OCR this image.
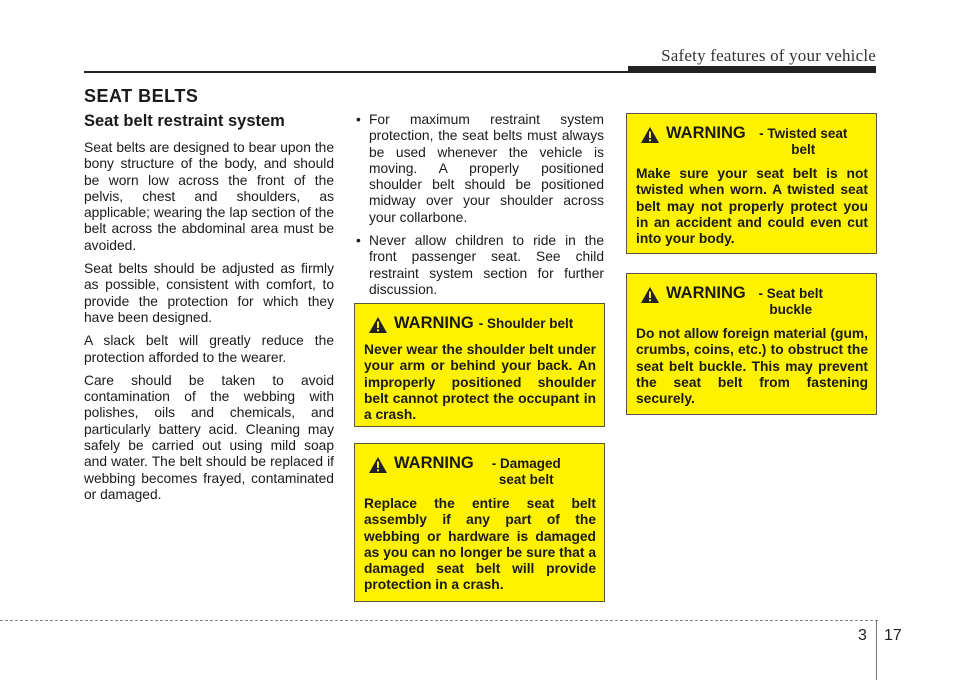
Safety features of your vehicle
SEAT BELTS
Seat belt restraint system

Seat belts are designed to bear upon the bony structure of the body, and should be worn low across the front of the pelvis, chest and shoulders, as applicable; wearing the lap section of the belt across the abdominal area must be avoided.

Seat belts should be adjusted as firmly as possible, consistent with comfort, to provide the protection for which they have been designed.

A slack belt will greatly reduce the protection afforded to the wearer.

Care should be taken to avoid contamination of the webbing with polishes, oils and chemicals, and particularly battery acid. Cleaning may safely be carried out using mild soap and water. The belt should be replaced if webbing becomes frayed, contaminated or damaged.

• For maximum restraint system protection, the seat belts must always be used whenever the vehicle is moving. A properly positioned shoulder belt should be positioned midway over your shoulder across your collarbone.
• Never allow children to ride in the front passenger seat. See child restraint system section for further discussion.
WARNING - Shoulder belt
Never wear the shoulder belt under your arm or behind your back. An improperly positioned shoulder belt cannot protect the occupant in a crash.
WARNING	- Damaged seat belt
Replace the entire seat belt assembly if any part of the webbing or hardware is damaged as you can no longer be sure that a damaged seat belt will provide protection in a crash.
WARNING - Twisted seat belt
Make sure your seat belt is not twisted when worn. A twisted seat belt may not properly protect you in an accident and could even cut into your body.
WARNING - Seat belt buckle
Do not allow foreign material (gum, crumbs, coins, etc.) to obstruct the seat belt buckle. This may prevent the seat belt from fastening securely.
3 17
